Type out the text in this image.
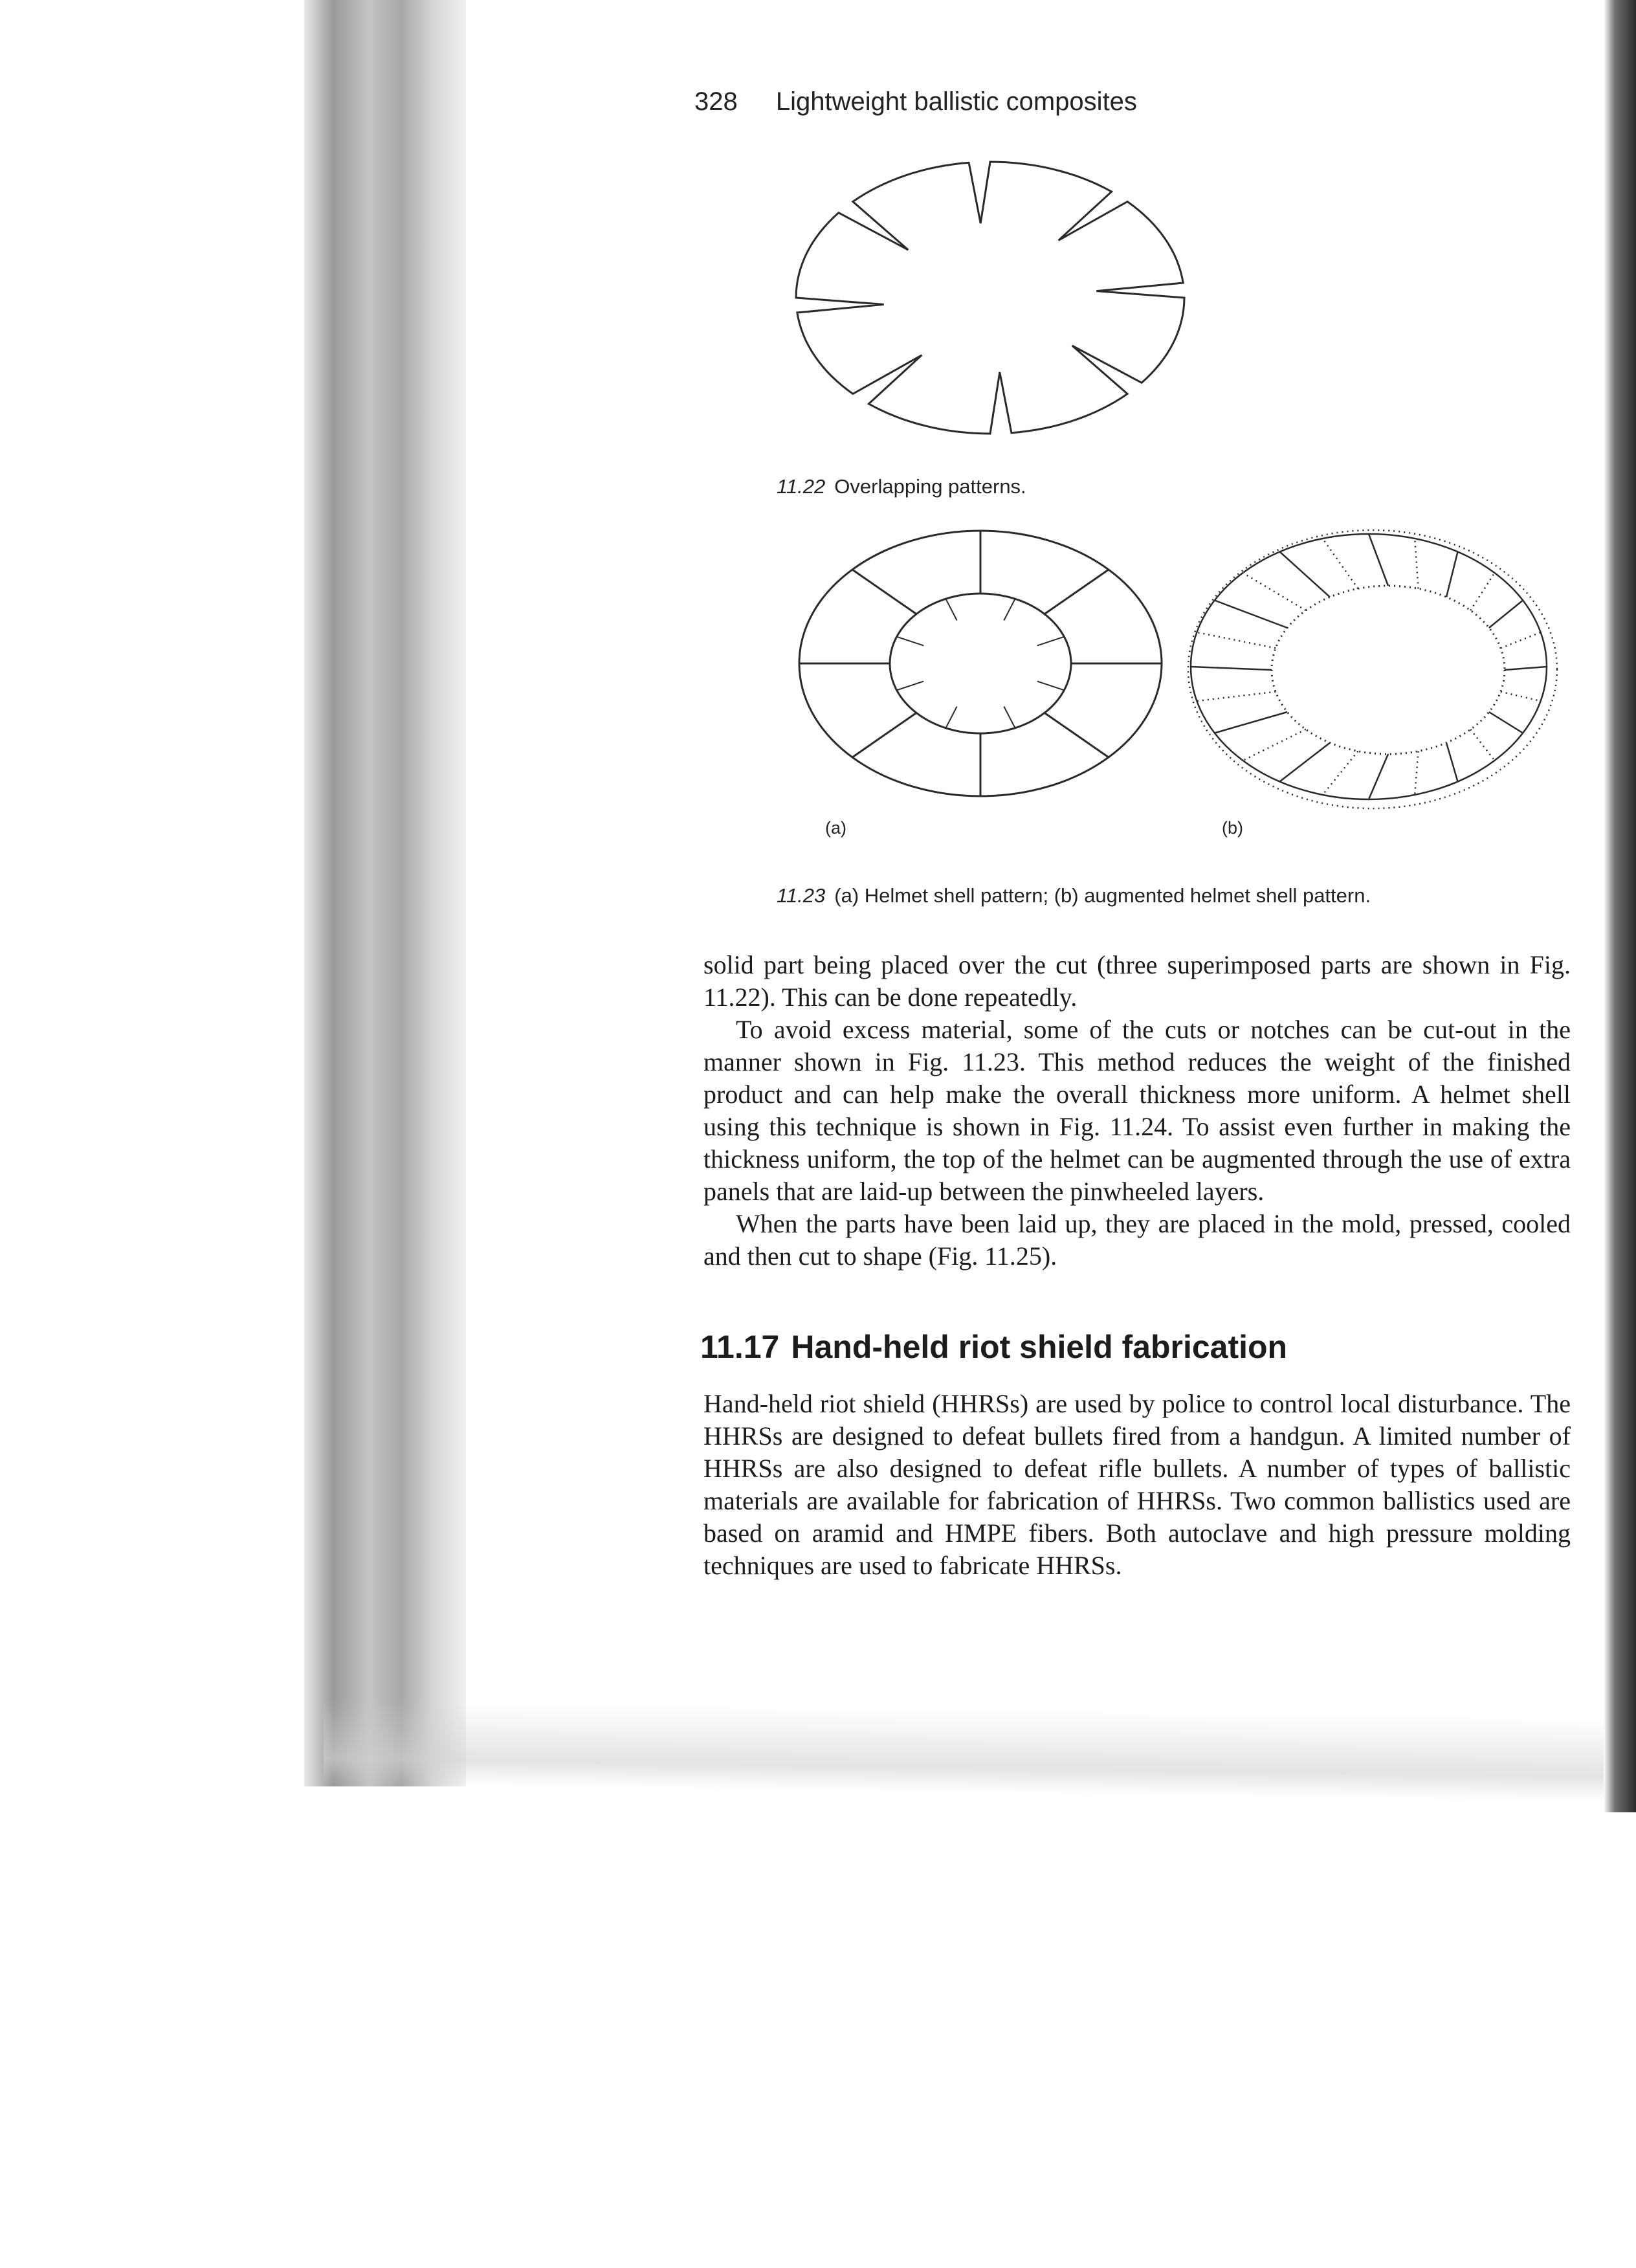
328 Lightweight ballistic composites
11.22 Overlapping patterns.
(a)	(b)
11.23 (a) Helmet shell pattern; (b) augmented helmet shell pattern.

solid part being placed over the cut (three superimposed parts are shown in Fig. 11.22). This can be done repeatedly.

To avoid excess material, some of the cuts or notches can be cut-out in the manner shown in Fig. 11.23. This method reduces the weight of the finished product and can help make the overall thickness more uniform. A helmet shell using this technique is shown in Fig. 11.24. To assist even further in making the thickness uniform, the top of the helmet can be augmented through the use of extra panels that are laid-up between the pinwheeled layers.

When the parts have been laid up, they are placed in the mold, pressed, cooled and then cut to shape (Fig. 11.25).

11.17 Hand-held riot shield fabrication

Hand-held riot shield (HHRSs) are used by police to control local disturbance. The HHRSs are designed to defeat bullets fired from a handgun. A limited number of HHRSs are also designed to defeat rifle bullets. A number of types of ballistic materials are available for fabrication of HHRSs. Two common ballistics used are based on aramid and HMPE fibers. Both autoclave and high pressure molding techniques are used to fabricate HHRSs.
